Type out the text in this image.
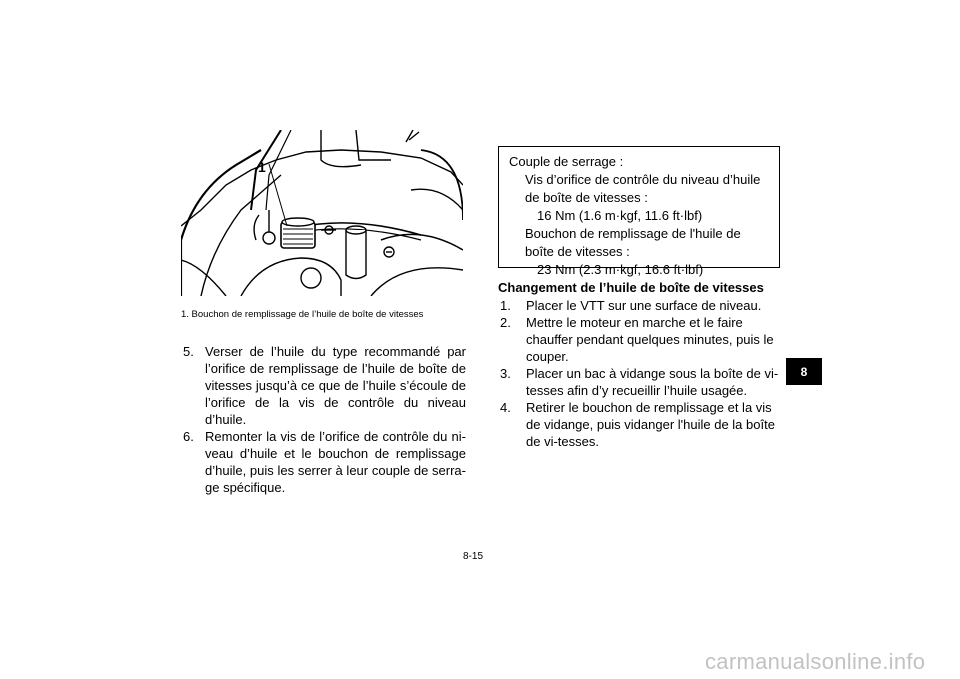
1
1. Bouchon de remplissage de l’huile de boîte de vitesses

5. Verser de l’huile du type recommandé par l’orifice de remplissage de l’huile de boîte de vitesses jusqu’à ce que de l’huile s’écoule de l’orifice de la vis de contrôle du niveau d’huile.

6. Remonter la vis de l’orifice de contrôle du ni-veau d’huile et le bouchon de remplissage d’huile, puis les serrer à leur couple de serra-ge spécifique.

Couple de serrage :
Vis d’orifice de contrôle du niveau d’huile de boîte de vitesses :
16 Nm (1.6 m·kgf, 11.6 ft·lbf)
Bouchon de remplissage de l'huile de boîte de vitesses :
23 Nm (2.3 m·kgf, 16.6 ft·lbf)
Changement de l’huile de boîte de vitesses

1. Placer le VTT sur une surface de niveau.

2. Mettre le moteur en marche et le faire chauffer pendant quelques minutes, puis le couper.

3. Placer un bac à vidange sous la boîte de vi-tesses afin d’y recueillir l’huile usagée.

4. Retirer le bouchon de remplissage et la vis de vidange, puis vidanger l'huile de la boîte de vi-tesses.

8-15
8
carmanualsonline.info
